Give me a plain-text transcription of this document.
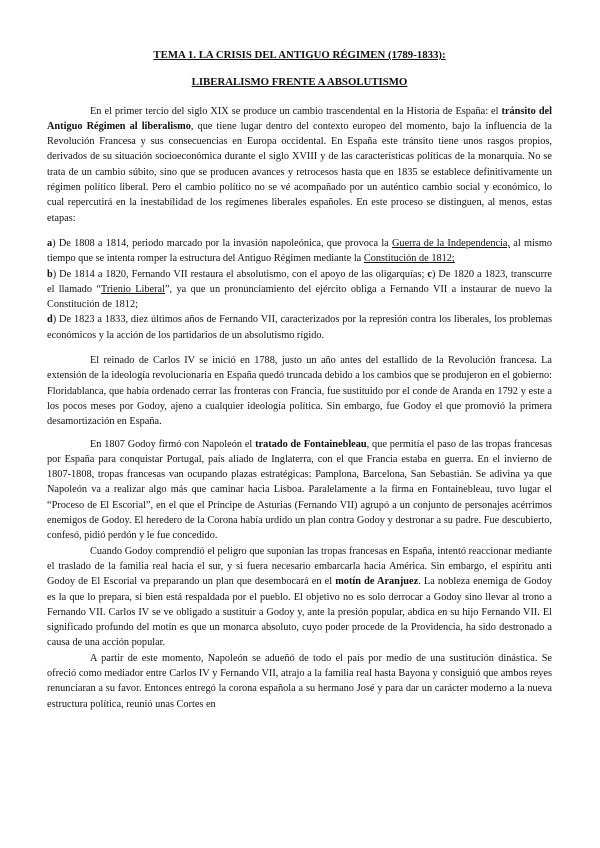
TEMA 1. LA CRISIS DEL ANTIGUO RÉGIMEN (1789-1833):
LIBERALISMO FRENTE A ABSOLUTISMO

En el primer tercio del siglo XIX se produce un cambio trascendental en la Historia de España: el tránsito del Antiguo Régimen al liberalismo, que tiene lugar dentro del contexto europeo del momento, bajo la influencia de la Revolución Francesa y sus consecuencias en Europa occidental. En España este tránsito tiene unos rasgos propios, derivados de su situación socioeconómica durante el siglo XVIII y de las características políticas de la monarquía. No se trata de un cambio súbito, sino que se producen avances y retrocesos hasta que en 1835 se establece definitivamente un régimen político liberal. Pero el cambio político no se vé acompañado por un auténtico cambio social y económico, lo cual repercutirá en la inestabilidad de los regímenes liberales españoles. En este proceso se distinguen, al menos, estas etapas:

a) De 1808 a 1814, periodo marcado por la invasión napoleónica, que provoca la Guerra de la Independencia, al mismo tiempo que se intenta romper la estructura del Antiguo Régimen mediante la Constitución de 1812;

b) De 1814 a 1820, Fernando VII restaura el absolutismo, con el apoyo de las oligarquías; c) De 1820 a 1823, transcurre el llamado “Trienio Liberal”, ya que un pronunciamiento del ejército obliga a Fernando VII a instaurar de nuevo la Constitución de 1812;

d) De 1823 a 1833, diez últimos años de Fernando VII, caracterizados por la represión contra los liberales, los problemas económicos y la acción de los partidarios de un absolutismo rígido.

El reinado de Carlos IV se inició en 1788, justo un año antes del estallido de la Revolución francesa. La extensión de la ideología revolucionaria en España quedó truncada debido a los cambios que se produjeron en el gobierno: Floridablanca, que había ordenado cerrar las fronteras con Francia, fue sustituido por el conde de Aranda en 1792 y este a los pocos meses por Godoy, ajeno a cualquier ideología política. Sin embargo, fue Godoy el que promovió la primera desamortización en España.

En 1807 Godoy firmó con Napoleón el tratado de Fontainebleau, que permitía el paso de las tropas francesas por España para conquistar Portugal, país aliado de Inglaterra, con el que Francia estaba en guerra. En el invierno de 1807-1808, tropas francesas van ocupando plazas estratégicas: Pamplona, Barcelona, San Sebastián. Se adivina ya que Napoleón va a realizar algo más que caminar hacia Lisboa. Paralelamente a la firma en Fontainebleau, tuvo lugar el “Proceso de El Escorial”, en el que el Príncipe de Asturias (Fernando VII) agrupó a un conjunto de personajes acérrimos enemigos de Godoy. El heredero de la Corona había urdido un plan contra Godoy y destronar a su padre. Fue descubierto, confesó, pidió perdón y le fue concedido.

Cuando Godoy comprendió el peligro que suponían las tropas francesas en España, intentó reaccionar mediante el traslado de la familia real hacia el sur, y si fuera necesario embarcarla hacia América. Sin embargo, el espíritu anti Godoy de El Escorial va preparando un plan que desembocará en el motín de Aranjuez. La nobleza enemiga de Godoy es la que lo prepara, si bien está respaldada por el pueblo. El objetivo no es solo derrocar a Godoy sino llevar al trono a Fernando VII. Carlos IV se ve obligado a sustituir a Godoy y, ante la presión popular, abdica en su hijo Fernando VII. El significado profundo del motín es que un monarca absoluto, cuyo poder procede de la Providencia, ha sido destronado a causa de una acción popular.

A partir de este momento, Napoleón se adueñó de todo el país por medio de una sustitución dinástica. Se ofreció como mediador entre Carlos IV y Fernando VII, atrajo a la familia real hasta Bayona y consiguió que ambos reyes renunciaran a su favor. Entonces entregó la corona española a su hermano José y para dar un carácter moderno a la nueva estructura política, reunió unas Cortes en
